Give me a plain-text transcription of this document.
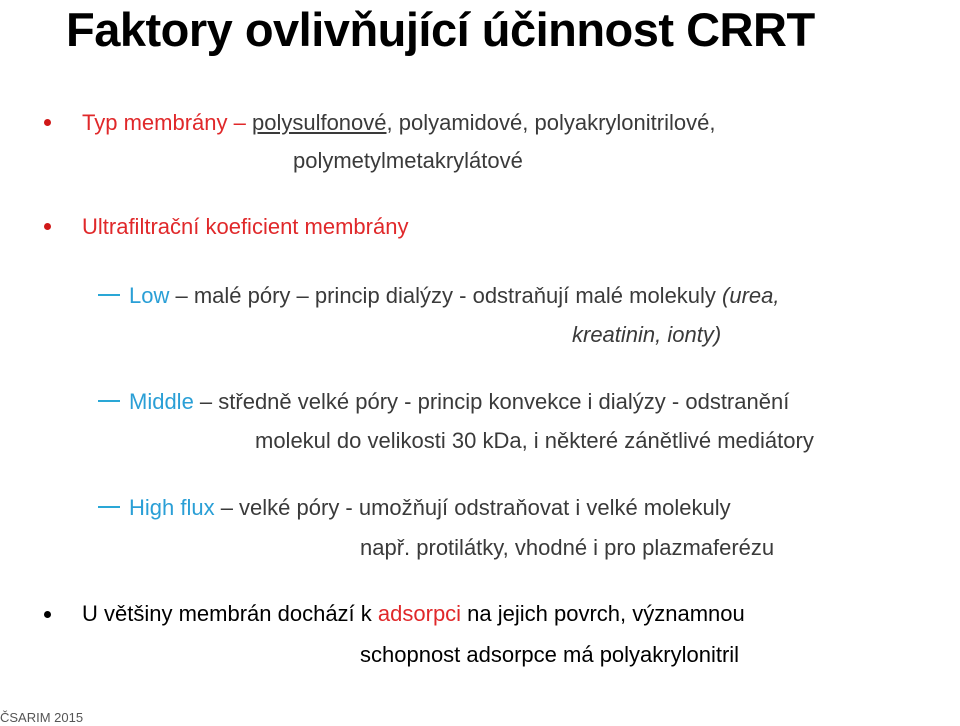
Faktory ovlivňující účinnost CRRT
Typ membrány – polysulfonové, polyamidové, polyakrylonitrilové,
polymetylmetakrylátové
Ultrafiltrační koeficient membrány
Low – malé póry – princip dialýzy - odstraňují malé molekuly (urea,
kreatinin, ionty)
Middle – středně velké póry - princip konvekce i dialýzy - odstranění
molekul do velikosti 30 kDa, i některé zánětlivé mediátory
High flux – velké póry - umožňují odstraňovat i velké molekuly
např. protilátky, vhodné i pro plazmaferézu
U většiny membrán dochází k adsorpci na jejich povrch, významnou
schopnost adsorpce má polyakrylonitril
ČSARIM 2015
